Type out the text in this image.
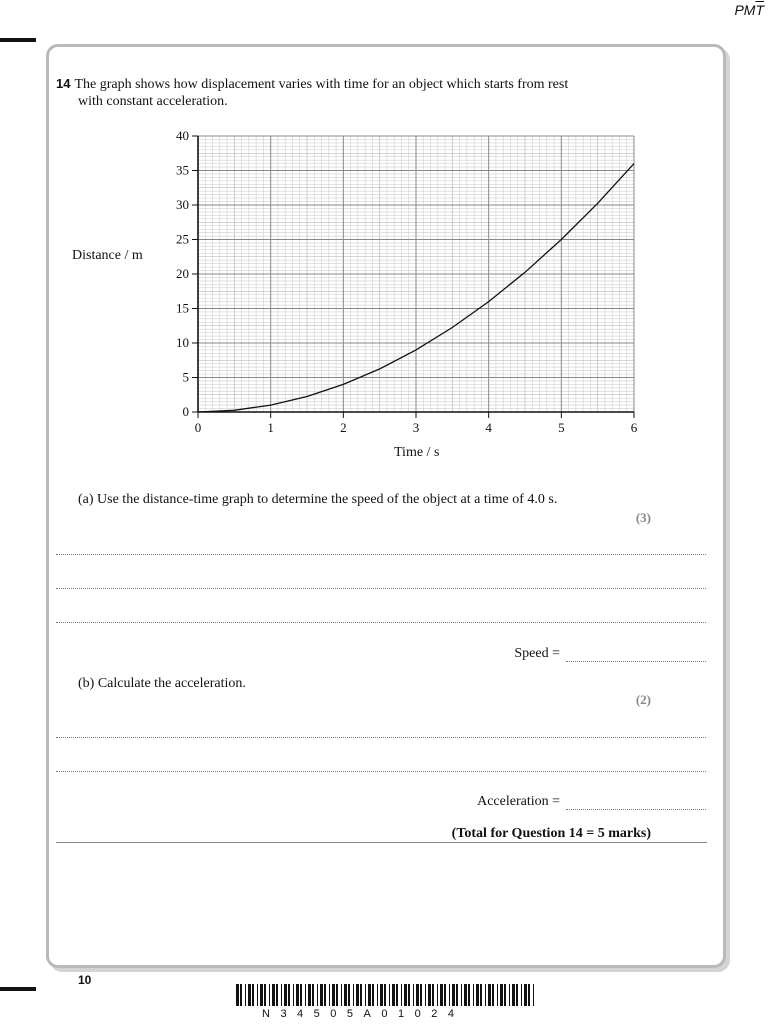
$PM\overline{T}$
14 The graph shows how displacement varies with time for an object which starts from rest
with constant acceleration.
Distance / m
Time / s
0
5
10
15
20
25
30
35
40
0	1	2	3	4	5	6
(a) Use the distance-time graph to determine the speed of the object at a time of 4.0 s.
(3)
Speed =
(b) Calculate the acceleration.
(2)
Acceleration =
(Total for Question 14 = 5 marks)
10
N34505A01024
